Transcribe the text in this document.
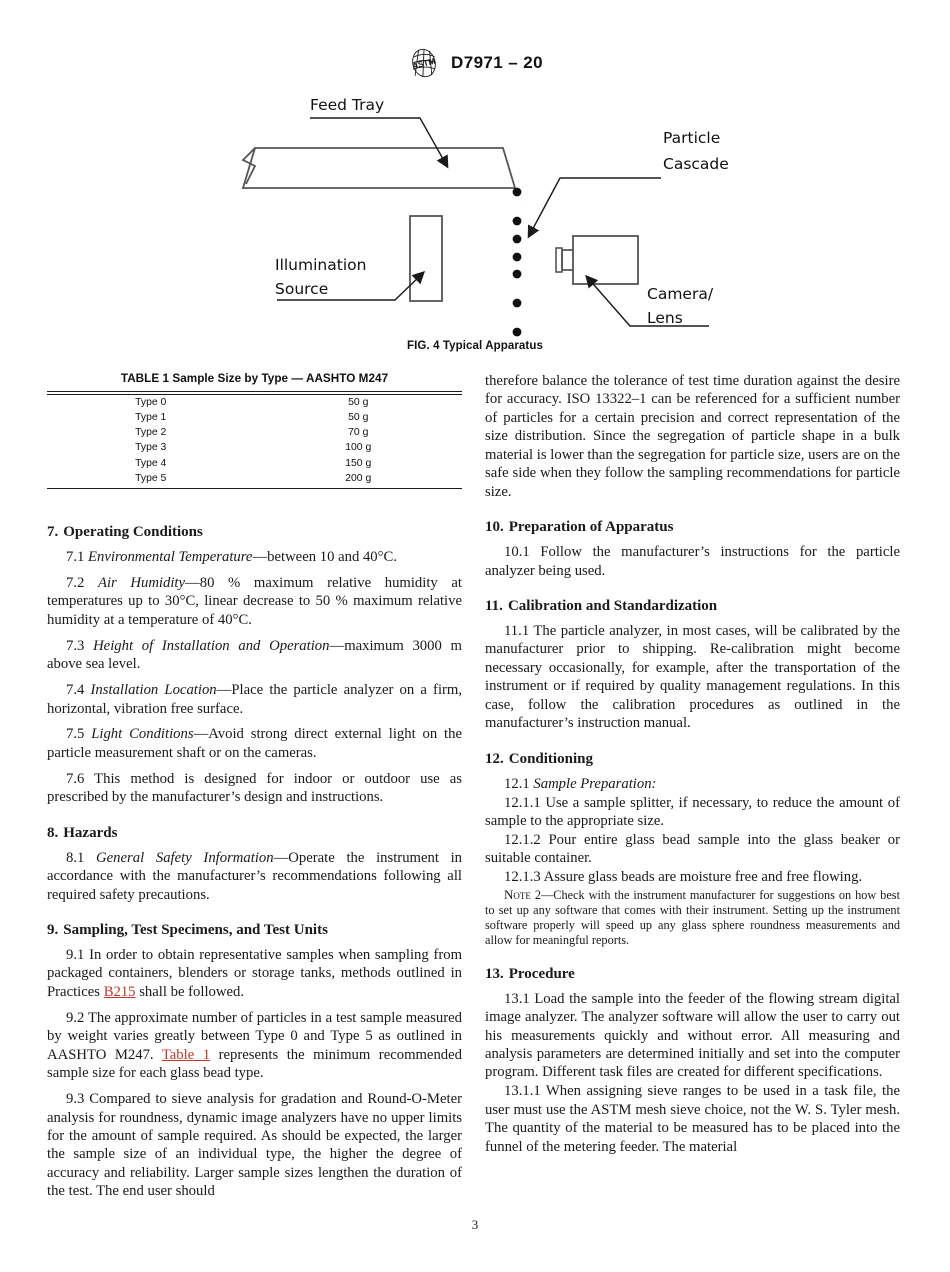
ASTM D7971 – 20
Feed Tray
Particle
Cascade
Illumination
Source	Camera/
Lens
FIG. 4 Typical Apparatus
TABLE 1 Sample Size by Type — AASHTO M247

Type 0	50 g
Type 1	50 g
Type 2	70 g
Type 3	100 g
Type 4	150 g
Type 5	200 g
7. Operating Conditions

7.1 Environmental Temperature—between 10 and 40°C.

7.2 Air Humidity—80 % maximum relative humidity at temperatures up to 30°C, linear decrease to 50 % maximum relative humidity at a temperature of 40°C.

7.3 Height of Installation and Operation—maximum 3000 m above sea level.

7.4 Installation Location—Place the particle analyzer on a firm, horizontal, vibration free surface.

7.5 Light Conditions—Avoid strong direct external light on the particle measurement shaft or on the cameras.

7.6 This method is designed for indoor or outdoor use as prescribed by the manufacturer’s design and instructions.

8. Hazards

8.1 General Safety Information—Operate the instrument in accordance with the manufacturer’s recommendations following all required safety precautions.

9. Sampling, Test Specimens, and Test Units

9.1 In order to obtain representative samples when sampling from packaged containers, blenders or storage tanks, methods outlined in Practices B215 shall be followed.

9.2 The approximate number of particles in a test sample measured by weight varies greatly between Type 0 and Type 5 as outlined in AASHTO M247. Table 1 represents the minimum recommended sample size for each glass bead type.

9.3 Compared to sieve analysis for gradation and Round-O-Meter analysis for roundness, dynamic image analyzers have no upper limits for the amount of sample required. As should be expected, the larger the sample size of an individual type, the higher the degree of accuracy and reliability. Larger sample sizes lengthen the duration of the test. The end user should

therefore balance the tolerance of test time duration against the desire for accuracy. ISO 13322–1 can be referenced for a sufficient number of particles for a certain precision and correct representation of the size distribution. Since the segregation of particle shape in a bulk material is lower than the segregation for particle size, users are on the safe side when they follow the sampling recommendations for particle size.

10. Preparation of Apparatus

10.1 Follow the manufacturer’s instructions for the particle analyzer being used.

11. Calibration and Standardization

11.1 The particle analyzer, in most cases, will be calibrated by the manufacturer prior to shipping. Re-calibration might become necessary occasionally, for example, after the transportation of the instrument or if required by quality management regulations. In this case, follow the calibration procedures as outlined in the manufacturer’s instruction manual.

12. Conditioning

12.1 Sample Preparation:

12.1.1 Use a sample splitter, if necessary, to reduce the amount of sample to the appropriate size.

12.1.2 Pour entire glass bead sample into the glass beaker or suitable container.

12.1.3 Assure glass beads are moisture free and free flowing.

Note 2—Check with the instrument manufacturer for suggestions on how best to set up any software that comes with their instrument. Setting up the instrument software properly will speed up any glass sphere roundness measurements and allow for meaningful reports.

13. Procedure

13.1 Load the sample into the feeder of the flowing stream digital image analyzer. The analyzer software will allow the user to carry out his measurements quickly and without error. All measuring and analysis parameters are determined initially and set into the computer program. Different task files are created for different specifications.

13.1.1 When assigning sieve ranges to be used in a task file, the user must use the ASTM mesh sieve choice, not the W. S. Tyler mesh. The quantity of the material to be measured has to be placed into the funnel of the metering feeder. The material

3
